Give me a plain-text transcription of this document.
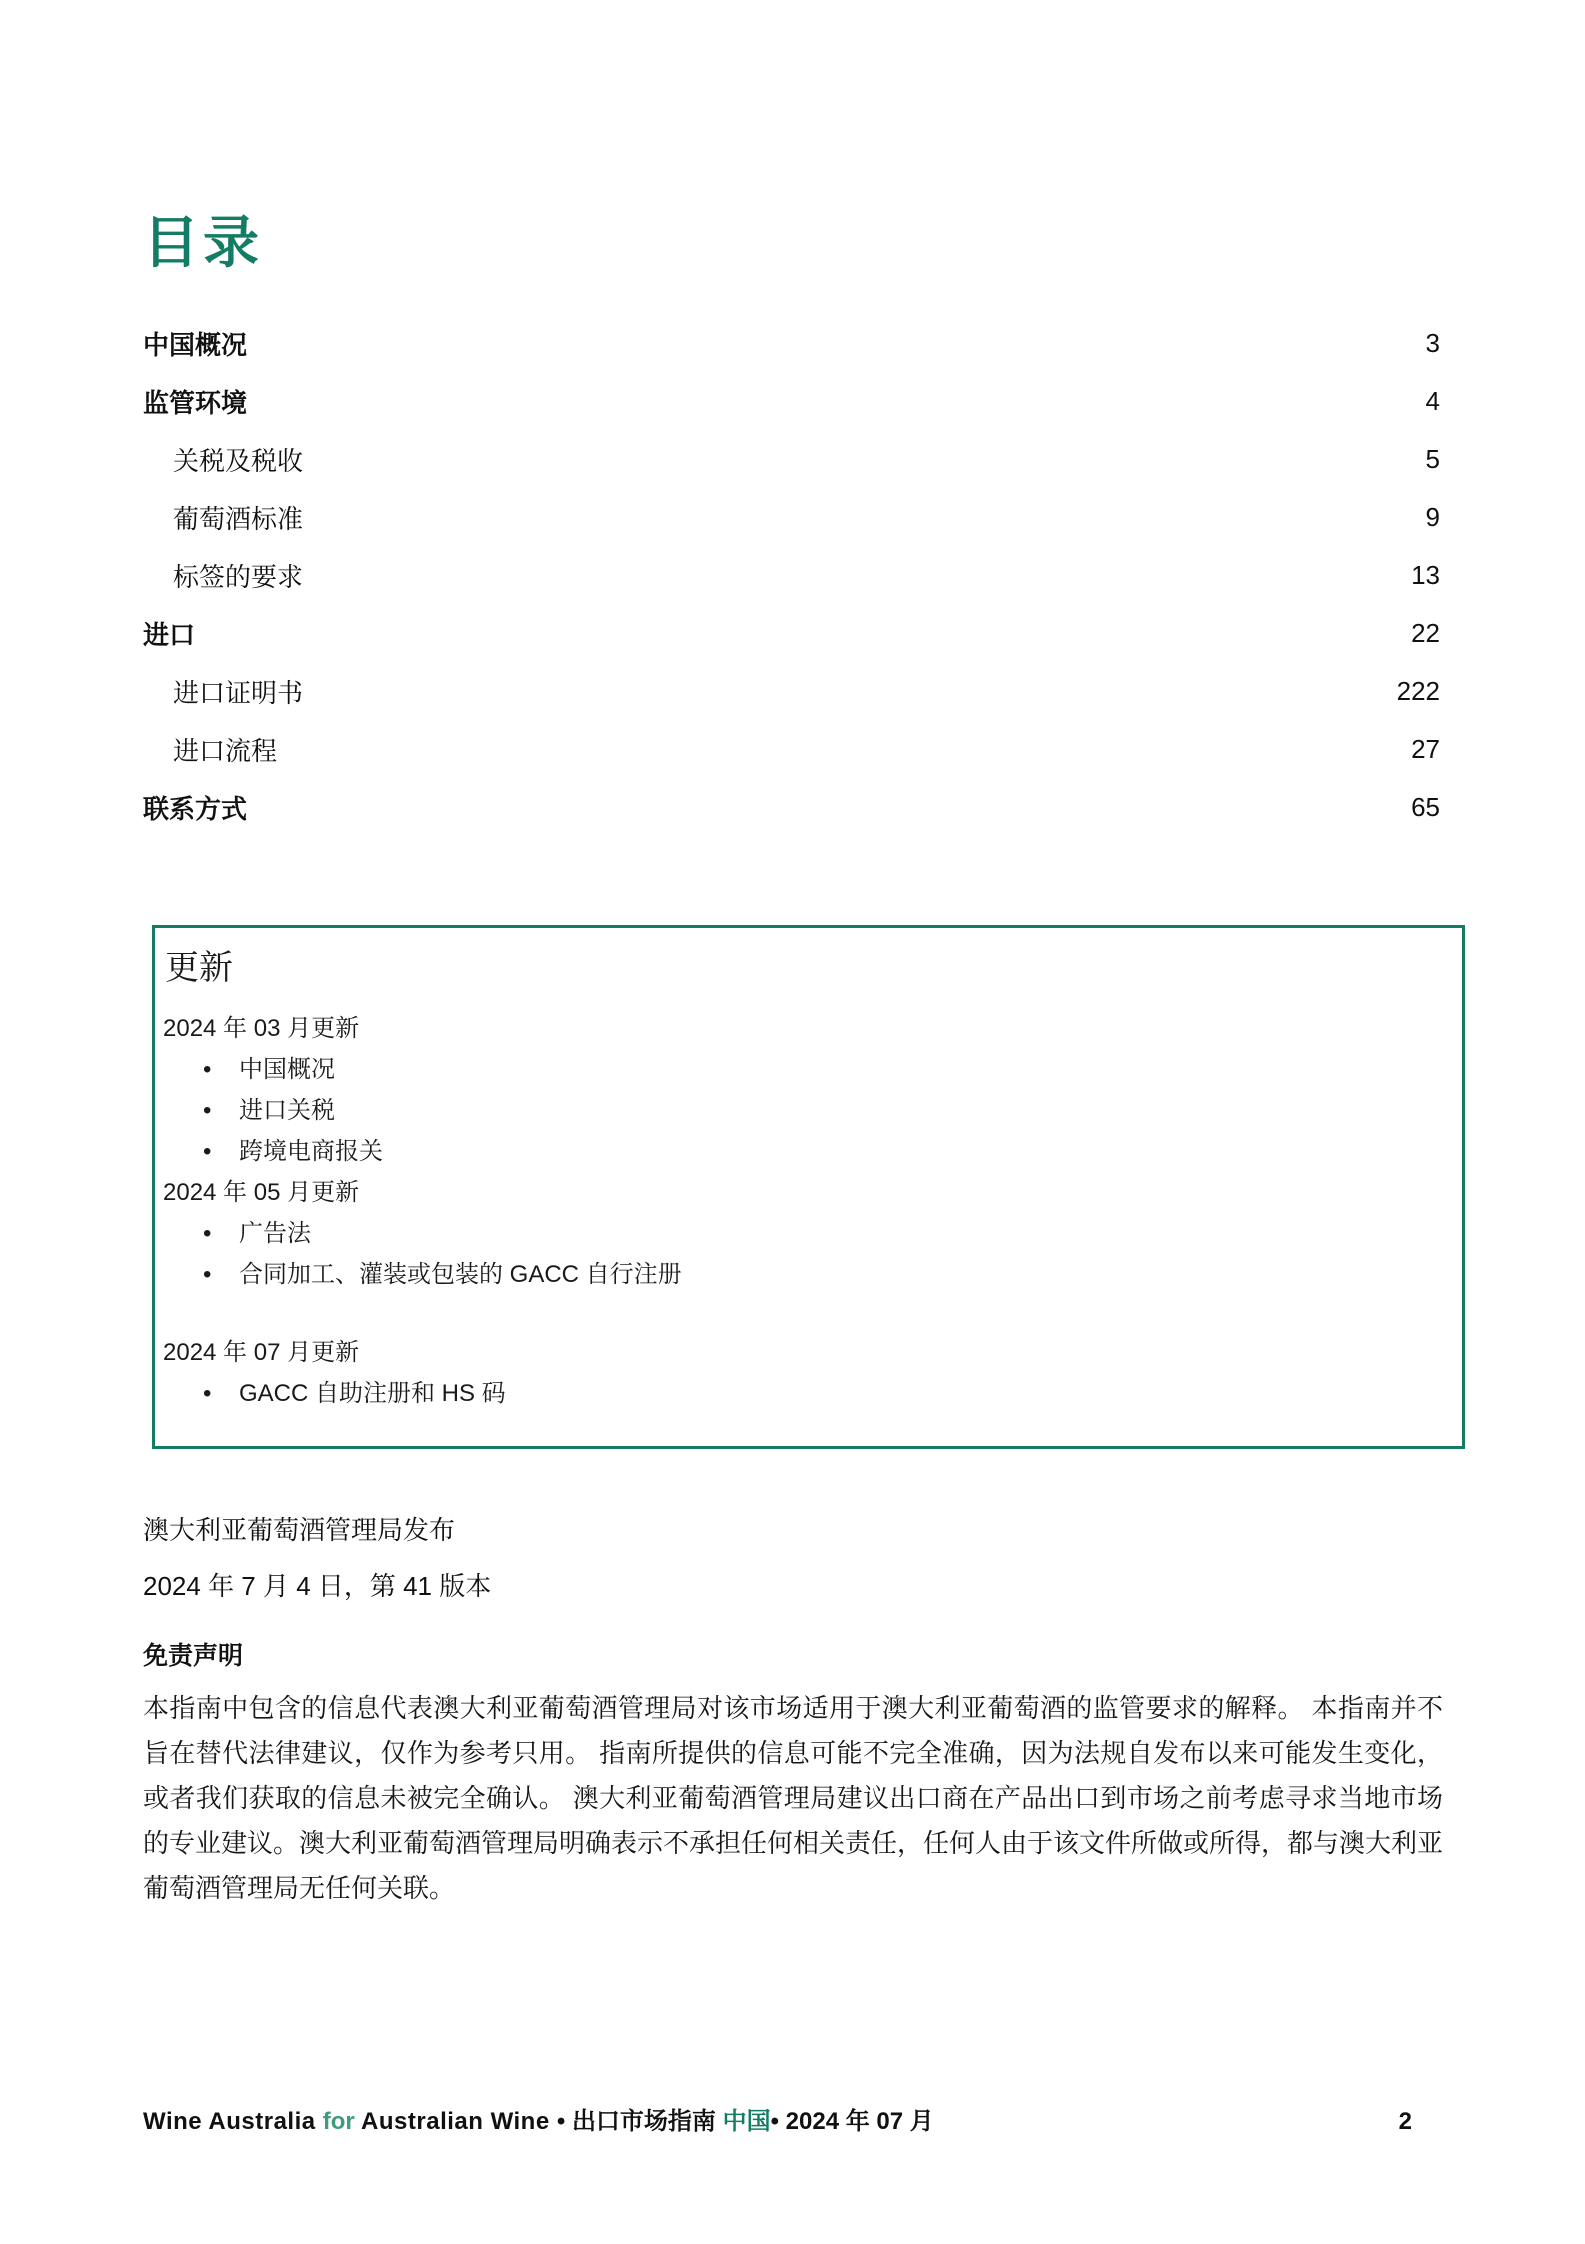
目录
中国概况	3
监管环境	4
关税及税收	5
葡萄酒标准	9
标签的要求	13
进口	22
进口证明书	222
进口流程	27
联系方式	65
更新
2024 年 03 月更新
• 中国概况
• 进口关税
• 跨境电商报关
2024 年 05 月更新
• 广告法
• 合同加工、灌装或包装的 GACC 自行注册
2024 年 07 月更新
• GACC 自助注册和 HS 码
澳大利亚葡萄酒管理局发布
2024 年 7 月 4 日，第 41 版本
免责声明

本指南中包含的信息代表澳大利亚葡萄酒管理局对该市场适用于澳大利亚葡萄酒的监管要求的解释。 本指南并不旨在替代法律建议，仅作为参考只用。 指南所提供的信息可能不完全准确，因为法规自发布以来可能发生变化，或者我们获取的信息未被完全确认。 澳大利亚葡萄酒管理局建议出口商在产品出口到市场之前考虑寻求当地市场的专业建议。澳大利亚葡萄酒管理局明确表示不承担任何相关责任，任何人由于该文件所做或所得，都与澳大利亚葡萄酒管理局无任何关联。

Wine Australia for Australian Wine • 出口市场指南 中国• 2024 年 07 月	2
